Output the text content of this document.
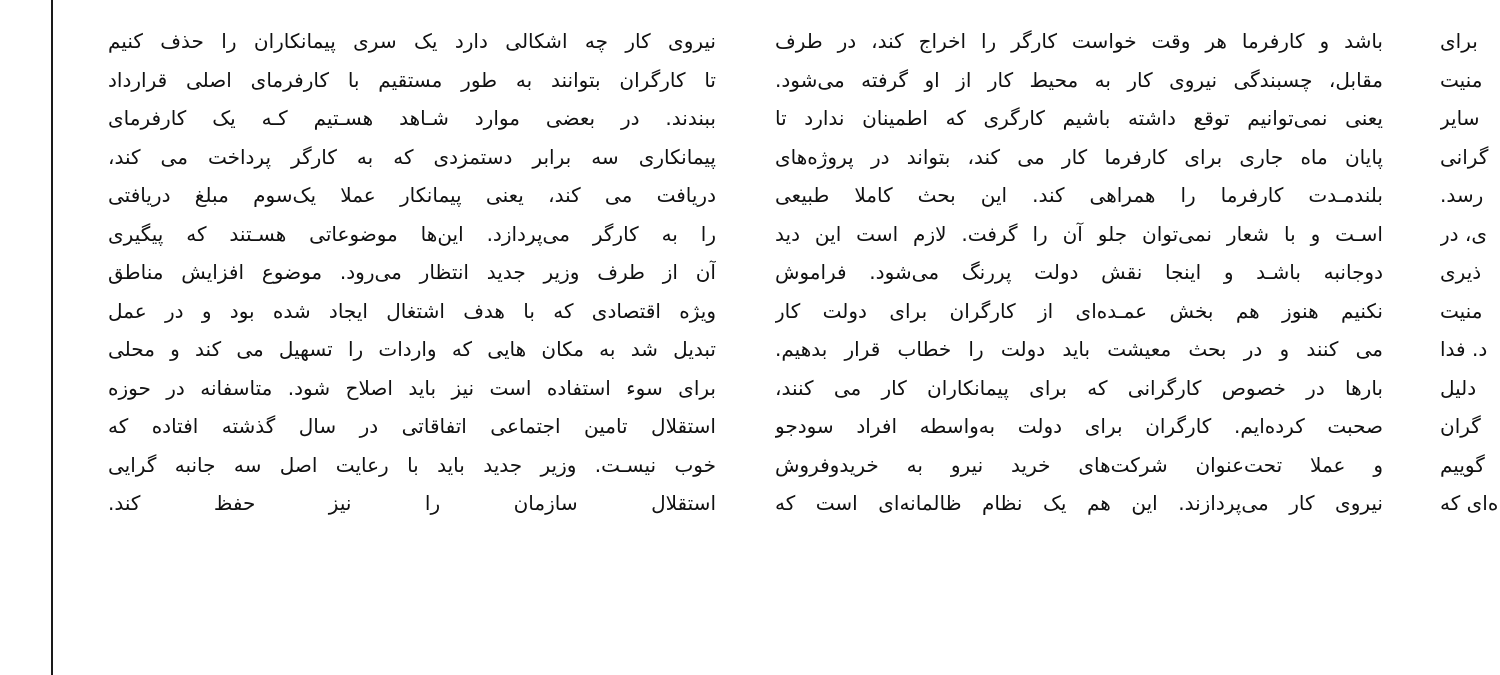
نیروی کار چه اشکالی دارد یک سری پیمانکاران را حذف کنیم
تا کارگران بتوانند به طور مستقیم با کارفرمای اصلی قرارداد
ببندند. در بعضی موارد شـاهد هسـتیم کـه یک کارفرمای
پیمانکاری سه برابر دستمزدی که به کارگر پرداخت می کند،
دریافت می کند، یعنی پیمانکار عملا یک‌سوم مبلغ دریافتی
را به کارگر می‌پردازد. این‌ها موضوعاتی هسـتند که پیگیری
آن از طرف وزیر جدید انتظار می‌رود. موضوع افزایش مناطق
ویژه اقتصادی که با هدف اشتغال ایجاد شده بود و در عمل
تبدیل شد به مکان هایی که واردات را تسهیل می کند و محلی
برای سوء استفاده است نیز باید اصلاح شود. متاسفانه در حوزه
استقلال تامین اجتماعی اتفاقاتی در سال گذشته افتاده که
خوب نیسـت. وزیر جدید باید با رعایت اصل سه جانبه گرایی
استقلال سازمان را نیز حفظ کند.
باشد و کارفرما هر وقت خواست کارگر را اخراج کند، در طرف
مقابل، چسبندگی نیروی کار به محیط کار از او گرفته می‌شود.
یعنی نمی‌توانیم توقع داشته باشیم کارگری که اطمینان ندارد تا
پایان ماه جاری برای کارفرما کار می کند، بتواند در پروژه‌های
بلندمـدت کارفرما را همراهی کند. این بحث کاملا طبیعی
اسـت و با شعار نمی‌توان جلو آن را گرفت. لازم است این دید
دوجانبه باشـد و اینجا نقش دولت پررنگ می‌شود. فراموش
نکنیم هنوز هم بخش عمـده‌ای از کارگران برای دولت کار
می کنند و در بحث معیشت باید دولت را خطاب قرار بدهیم.
بارها در خصوص کارگرانی که برای پیمانکاران کار می کنند،
صحبت کرده‌ایم. کارگران برای دولت به‌واسطه افراد سودجو
و عملا تحت‌عنوان شرکت‌های خرید نیرو به خریدوفروش
نیروی کار می‌پردازند. این هم یک نظام ظالمانه‌ای است که
برای
منیت
سایر
گرانی
رسد.
ی، در
ذیری
منیت
د. فدا
دلیل
گران
گوییم
ه‌ای که
